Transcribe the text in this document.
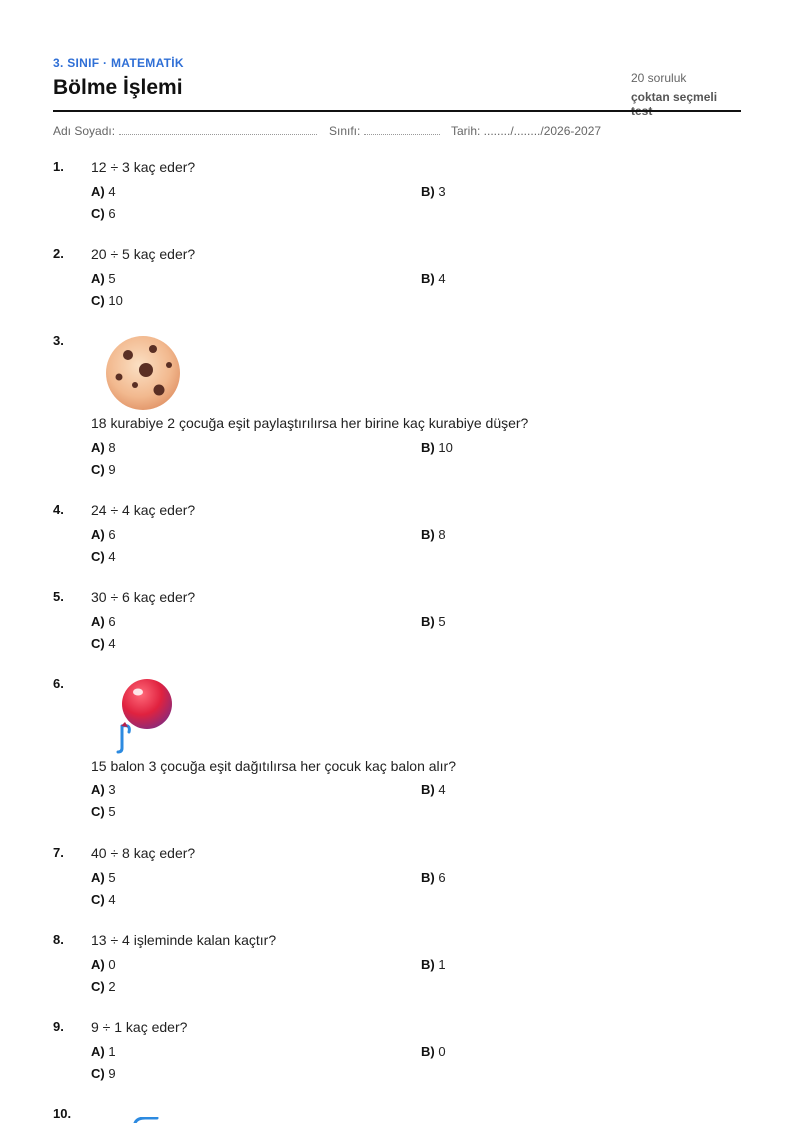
3. SINIF · MATEMATİK
Bölme İşlemi	20 soruluk
çoktan seçmeli
Adı Soyadı:	Sınıfı:	Tarih: ......../......../2026-2027
1. 12 ÷ 3 kaç eder?
A) 4	B) 3
C) 6
2. 20 ÷ 5 kaç eder?
A) 5	B) 4
C) 10
3.
18 kurabiye 2 çocuğa eşit paylaştırılırsa her birine kaç kurabiye düşer?
A) 8	B) 10
C) 9
4. 24 ÷ 4 kaç eder?
A) 6	B) 8
C) 4
5. 30 ÷ 6 kaç eder?
A) 6	B) 5
C) 4
6.
15 balon 3 çocuğa eşit dağıtılırsa her çocuk kaç balon alır?
A) 3	B) 4
C) 5
7. 40 ÷ 8 kaç eder?
A) 5	B) 6
C) 4
8. 13 ÷ 4 işleminde kalan kaçtır?
A) 0	B) 1
C) 2
9. 9 ÷ 1 kaç eder?
A) 1	B) 0
C) 9
10.
